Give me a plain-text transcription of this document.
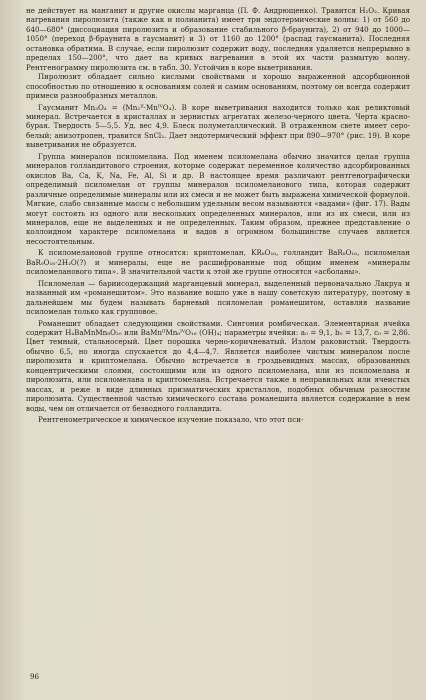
не действует на манганит и другие окислы марганца (П. Ф. Андрющенко). Травится H₂O₂. Кривая нагревания пиролюзита (также как и полианита) имеет три эндотермические волны: 1) от 560 до 640—680° (диссоциация пиролюзита и образование стабильного β-браунита), 2) от 940 до 1000—1050° (переход β-браунита в гаусманит) и 3) от 1160 до 1200° (распад гаусманита). Последняя остановка обратима. В случае, если пиролюзит содержит воду, последняя удаляется непрерывно в пределах 150—200°, что дает на кривых нагревания в этой их части размытую волну. Рентгенограмму пиролюзита см. в табл. 30. Устойчив в коре выветривания.

Пиролюзит обладает сильно кислыми свойствами и хорошо выраженной адсорбционной способностью по отношению к основаниям солей и самим основаниям, поэтому он всегда содержит примеси разнообразных металлов.

Гаусманит Mn₃O₄ = (Mn₂ᴵᴵ·MnᴵⱽO₄). В коре выветривания находится только как реликтовый минерал. Встречается в кристаллах и зернистых агрегатах железо-черного цвета. Черта красно-бурая. Твердость 5—5,5. Уд. вес 4,9. Блеск полуметаллический. В отраженном свете имеет серо-белый; анизотропен, травится SnCl₂. Дает эндотермический эффект при 890—970° (рис. 19). В коре выветривания не образуется.

Группа минералов псиломелана. Под именем псиломелана обычно значится целая группа минералов голландитового строения, которые содержат переменное количество адсорбированных окислов Ba, Ca, K, Na, Fe, Al, Si и др. В настоящее время различают рентгенографически определимый псиломелан от группы минералов псиломеланового типа, которая содержит различные определимые минералы или их смеси и не может быть выражена химической формулой. Мягкие, слабо связанные массы с небольшим удельным весом называются «вадами» (фиг. 17). Вады могут состоять из одного или нескольких определенных минералов, или из их смеси, или из минералов, еще не выделенных и не определенных. Таким образом, прежнее представление о коллоидном характере псиломелана и вадов в огромном большинстве случаев является несостоятельным.

К псиломелановой группе относятся: криптомелан, KR₈O₁₆, голландит BaR₈O₁₆, псиломелан BaR₉O₁₈·2H₂O(?) и минералы, еще не расшифрованные под общим именем «минералы псиломеланового типа». В значительной части к этой же группе относятся «асболаны».

Псиломелан — бариисодержащий марганцевый минерал, выделенный первоначально Лакруа и названный им «романешитом». Это название вошло уже в нашу советскую литературу, поэтому в дальнейшем мы будем называть барневый псиломелан романешитом, оставляя название псиломелан только как групповое.

Романешит обладает следующими свойствами. Сингония ромбическая. Элементарная ячейка содержит H₄BaMnMn₈O₂₀ или BaMnᴵᴵMn₈ᴵⱽO₁₆ (OH)₄; параметры ячейки: a₀ = 9,1, b₀ = 13,7, c₀ = 2,86. Цвет темный, стальносерый. Цвет порошка черно-коричневатый. Излом раковистый. Твердость обычно 6,5, но иногда спускается до 4,4—4,7. Является наиболее чистым минералом после пиролюзита и криптомелана. Обычно встречается в гроздьевидных массах, образованных концентрическими слоями, состоящими или из одного псиломелана, или из псиломелана и пиролюзита, или псиломелана и криптомелана. Встречается также в неправильных или ячеистых массах, и реже в виде длинных призматических кристаллов, подобных обычным разностям пиролюзита. Существенной частью химического состава романешита является содержание в нем воды, чем он отличается от безводного голландита.

Рентгенометрическое и химическое изучение показало, что этот пси-

96
